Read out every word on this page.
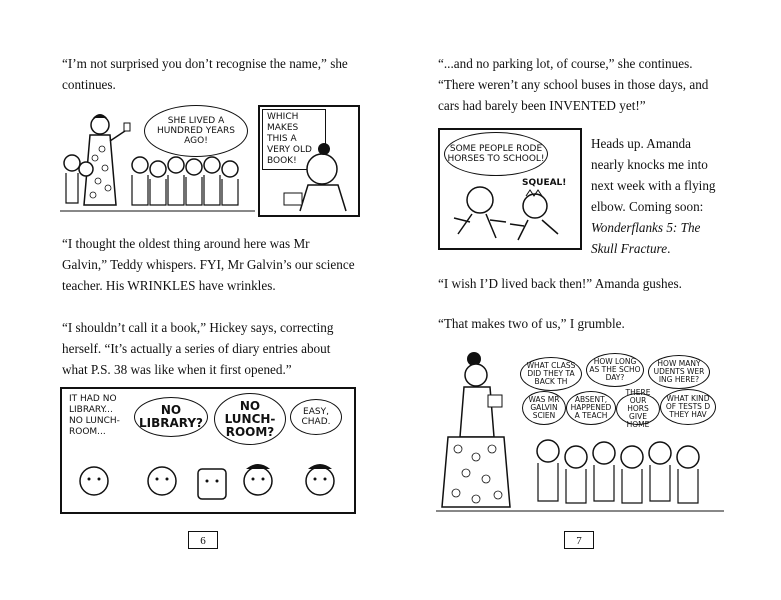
“I’m not surprised you don’t recognise the name,” she continues.
SHE LIVED A HUNDRED YEARS AGO!
WHICH MAKES THIS A VERY OLD BOOK!
“I thought the oldest thing around here was Mr Galvin,” Teddy whispers. FYI, Mr Galvin’s our science teacher. His WRINKLES have wrinkles.
“I shouldn’t call it a book,” Hickey says, correcting herself. “It’s actually a series of diary entries about what P.S. 38 was like when it first opened.”
IT HAD NO LIBRARY... NO LUNCH-ROOM...
NO LIBRARY?
NO LUNCH-ROOM?
EASY, CHAD.
6
“...and no parking lot, of course,” she continues. “There weren’t any school buses in those days, and cars had barely been INVENTED yet!”
SOME PEOPLE RODE HORSES TO SCHOOL!
SQUEAL!
Heads up. Amanda nearly knocks me into next week with a flying elbow. Coming soon: Wonderflanks 5: The Skull Fracture.
“I wish I’D lived back then!” Amanda gushes.
“That makes two of us,” I grumble.
WHAT CLASS DID THEY TA BACK TH
HOW LONG AS THE SCHO DAY?
HOW MANY UDENTS WER ING HERE?
WAS MR GALVIN SCIEN
ABSENT, HAPPENED A TEACH
THERE OUR HORS GIVE HOME
WHAT KIND OF TESTS D THEY HAV
7
